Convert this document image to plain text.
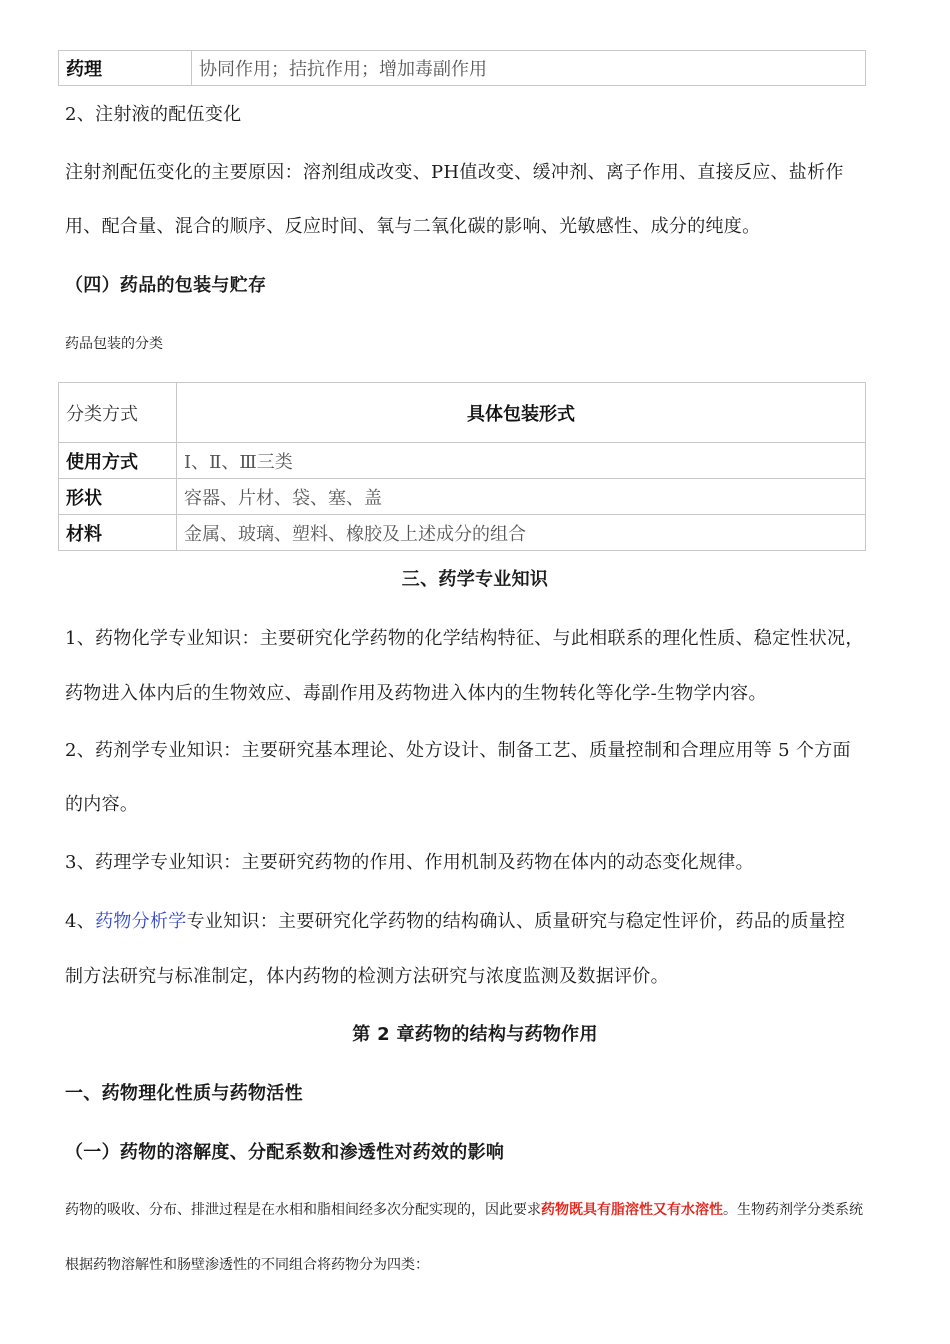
药理	协同作用；拮抗作用；增加毒副作用
2、注射液的配伍变化
注射剂配伍变化的主要原因：溶剂组成改变、PH值改变、缓冲剂、离子作用、直接反应、盐析作
用、配合量、混合的顺序、反应时间、氧与二氧化碳的影响、光敏感性、成分的纯度。
（四）药品的包装与贮存
药品包装的分类
分类方式	具体包装形式
使用方式	Ⅰ、Ⅱ、Ⅲ三类
形状	容器、片材、袋、塞、盖
材料	金属、玻璃、塑料、橡胶及上述成分的组合
三、药学专业知识
1、药物化学专业知识：主要研究化学药物的化学结构特征、与此相联系的理化性质、稳定性状况，
药物进入体内后的生物效应、毒副作用及药物进入体内的生物转化等化学-生物学内容。
2、药剂学专业知识：主要研究基本理论、处方设计、制备工艺、质量控制和合理应用等 5 个方面
的内容。
3、药理学专业知识：主要研究药物的作用、作用机制及药物在体内的动态变化规律。
4、药物分析学专业知识：主要研究化学药物的结构确认、质量研究与稳定性评价，药品的质量控
制方法研究与标准制定，体内药物的检测方法研究与浓度监测及数据评价。
第 2 章药物的结构与药物作用
一、药物理化性质与药物活性
（一）药物的溶解度、分配系数和渗透性对药效的影响
药物的吸收、分布、排泄过程是在水相和脂相间经多次分配实现的，因此要求药物既具有脂溶性又有水溶性。生物药剂学分类系统
根据药物溶解性和肠壁渗透性的不同组合将药物分为四类：
